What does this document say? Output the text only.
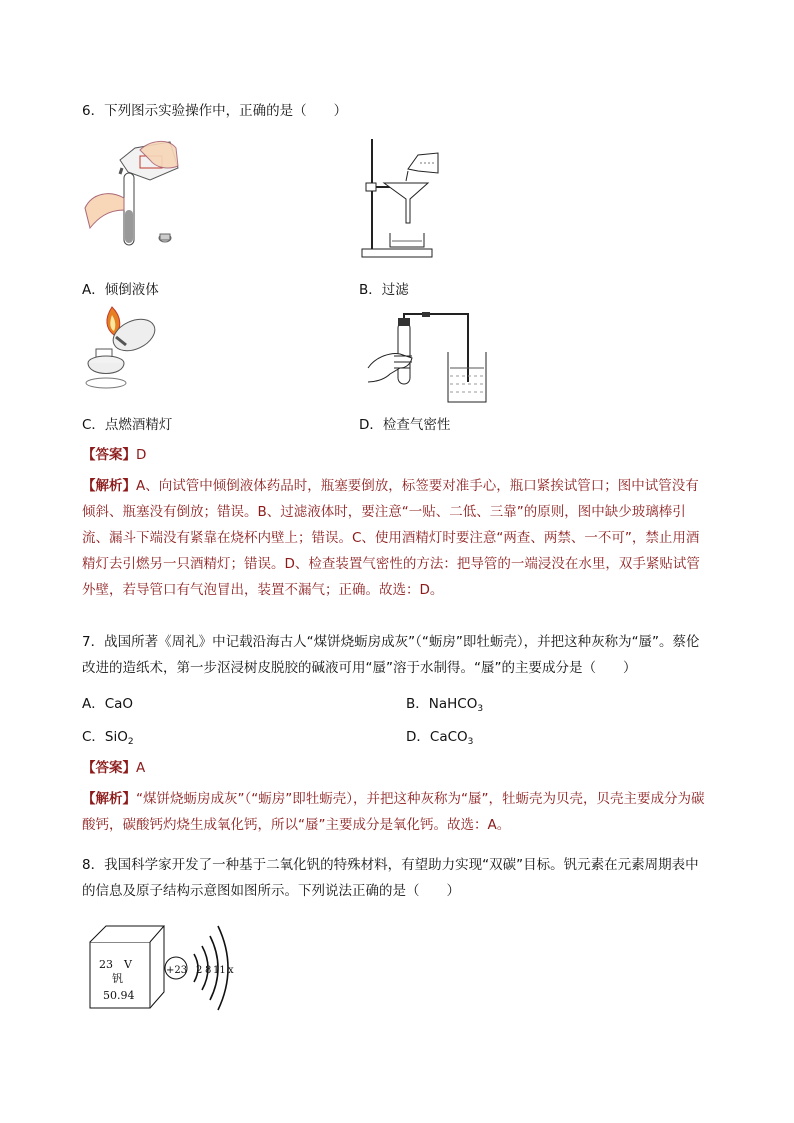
6．下列图示实验操作中，正确的是（　　）
A．倾倒液体	B．过滤
C．点燃酒精灯	D．检查气密性
【答案】D
【解析】A、向试管中倾倒液体药品时，瓶塞要倒放，标签要对准手心，瓶口紧挨试管口；图中试管没有倾斜、瓶塞没有倒放；错误。B、过滤液体时，要注意“一贴、二低、三靠”的原则，图中缺少玻璃棒引流、漏斗下端没有紧靠在烧杯内壁上；错误。C、使用酒精灯时要注意“两查、两禁、一不可”，禁止用酒精灯去引燃另一只酒精灯；错误。D、检查装置气密性的方法：把导管的一端浸没在水里，双手紧贴试管外壁，若导管口有气泡冒出，装置不漏气；正确。故选：D。
7．战国所著《周礼》中记载沿海古人“煤饼烧蛎房成灰”（“蛎房”即牡蛎壳），并把这种灰称为“蜃”。蔡伦改进的造纸术，第一步沤浸树皮脱胶的碱液可用“蜃”溶于水制得。“蜃”的主要成分是（　　）
A．CaO	B．NaHCO$_3$
C．SiO$_2$	D．CaCO$_3$
【答案】A
【解析】“煤饼烧蛎房成灰”（“蛎房”即牡蛎壳），并把这种灰称为“蜃”，牡蛎壳为贝壳，贝壳主要成分为碳酸钙，碳酸钙灼烧生成氧化钙，所以“蜃”主要成分是氧化钙。故选：A。
8．我国科学家开发了一种基于二氧化钒的特殊材料，有望助力实现“双碳”目标。钒元素在元素周期表中的信息及原子结构示意图如图所示。下列说法正确的是（　　）
23 V
钒
50.94
+23 2 8 11 x
